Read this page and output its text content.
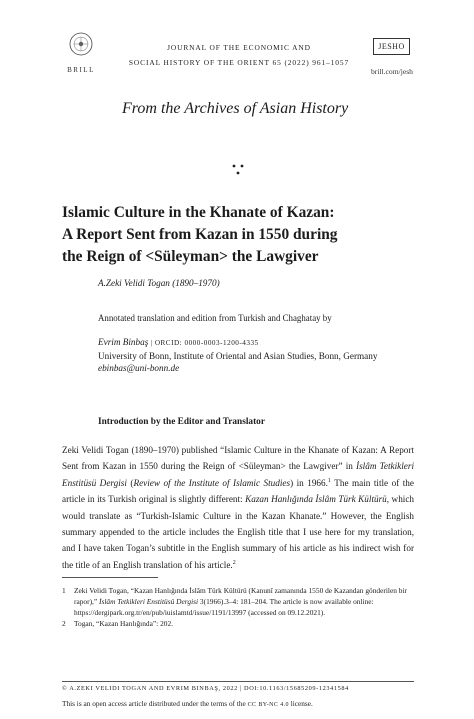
BRILL
JOURNAL OF THE ECONOMIC AND
SOCIAL HISTORY OF THE ORIENT 65 (2022) 961–1057
JESHO
brill.com/jesh
From the Archives of Asian History
Islamic Culture in the Khanate of Kazan:
A Report Sent from Kazan in 1550 during
the Reign of <Süleyman> the Lawgiver
A.Zeki Velidi Togan (1890–1970)
Annotated translation and edition from Turkish and Chaghatay by
Evrim Binbaş | ORCID: 0000-0003-1200-4335
University of Bonn, Institute of Oriental and Asian Studies, Bonn, Germany
ebinbas@uni-bonn.de
Introduction by the Editor and Translator
Zeki Velidi Togan (1890–1970) published “Islamic Culture in the Khanate of Kazan: A Report Sent from Kazan in 1550 during the Reign of <Süleyman> the Lawgiver” in İslâm Tetkikleri Enstitüsü Dergisi (Review of the Institute of Islamic Studies) in 1966.$^1$ The main title of the article in its Turkish original is slightly different: Kazan Hanlığında İslâm Türk Kültürü, which would translate as “Turkish-Islamic Culture in the Kazan Khanate.” However, the English summary appended to the article includes the English title that I use here for my translation, and I have taken Togan’s subtitle in the English summary of his article as his indirect wish for the title of an English translation of his article.$^2$
1 Zeki Velidi Togan, “Kazan Hanlığında İslâm Türk Kültürü (Kanunî zamanında 1550 de Kazandan gönderilen bir rapor),” İslâm Tetkikleri Enstitüsü Dergisi 3(1966).3–4: 181–204. The article is now available online: https://dergipark.org.tr/en/pub/iuislamtd/issue/1191/13997 (accessed on 09.12.2021).
2 Togan, “Kazan Hanlığında”: 202.
© A.ZEKI VELIDI TOGAN AND EVRIM BINBAŞ, 2022 | DOI:10.1163/15685209-12341584
This is an open access article distributed under the terms of the CC BY-NC 4.0 license.
